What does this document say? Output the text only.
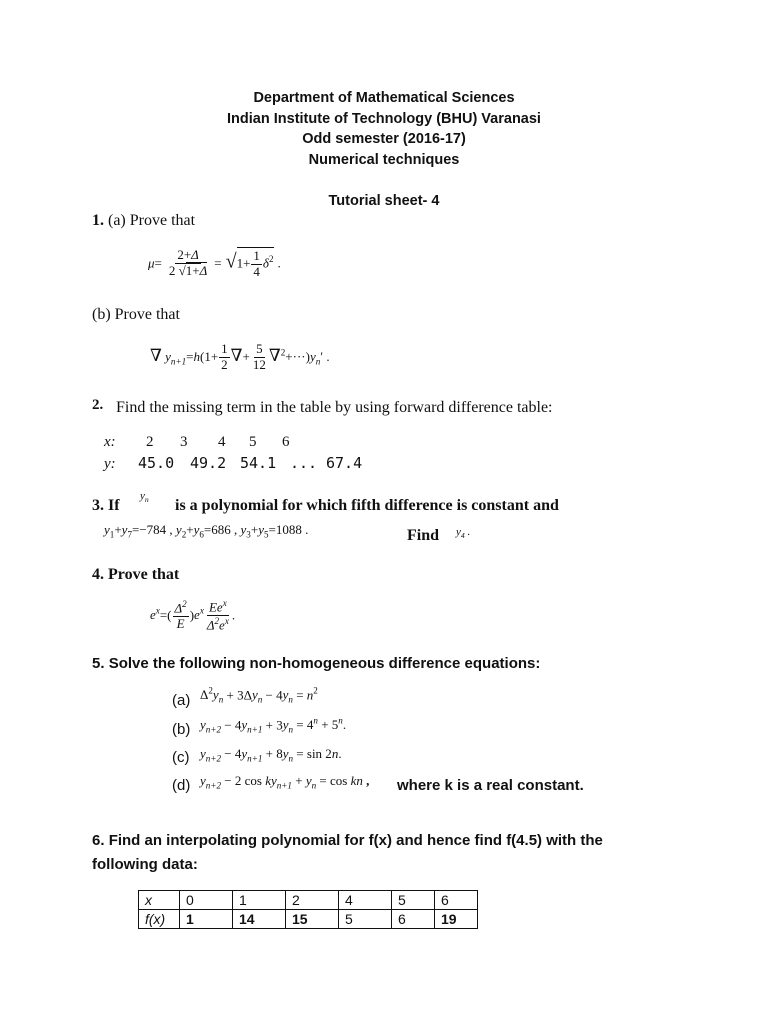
Department of Mathematical Sciences
Indian Institute of Technology (BHU) Varanasi
Odd semester (2016-17)
Numerical techniques
Tutorial sheet- 4
1. (a) Prove that
$\mu= \frac{2+\Delta}{2 √1+\Delta} = √1+ \frac{1}{4} \delta^2$ .
(b) Prove that
∇ $y_{n+1}=h(1+ \frac{1}{2}$ ∇+ $\frac{5}{12} \nabla^2+\cdot\cdot\cdot)y_n'$ .
2. Find the missing term in the table by using forward difference table:
x: 2 3 4 5 6
y: 45.0 49.2 54.1 ... 67.4
3. If
$y_n$ is a polynomial for which fifth difference is constant and
$y_1+y_7=-784$ , $y_2+y_6=686$ , $y_3+y_5=1088$ .	Find $y_4$ .
4. Prove that
$e^x=( \frac{\Delta^2}{E} )e^x \frac{Ee^x}{\Delta^2e^x}$ .
5. Solve the following non-homogeneous difference equations:
(a) $\Delta^2y_n + 3\Delta y_n - 4y_n = n^2$
(b) $y_{n+2} - 4y_{n+1} + 3y_n = 4^n + 5^n$.
(c) $y_{n+2} - 4y_{n+1} + 8y_n = \sin 2n$.
(d) $y_{n+2} - 2$ $\cos ky_{n+1} + y_n = \cos$ kn , where k is a real constant.
6. Find an interpolating polynomial for f(x) and hence find f(4.5) with the
following data:
x	0	1	2	4	5	6
f(x)	1	14	15	5	6	19
